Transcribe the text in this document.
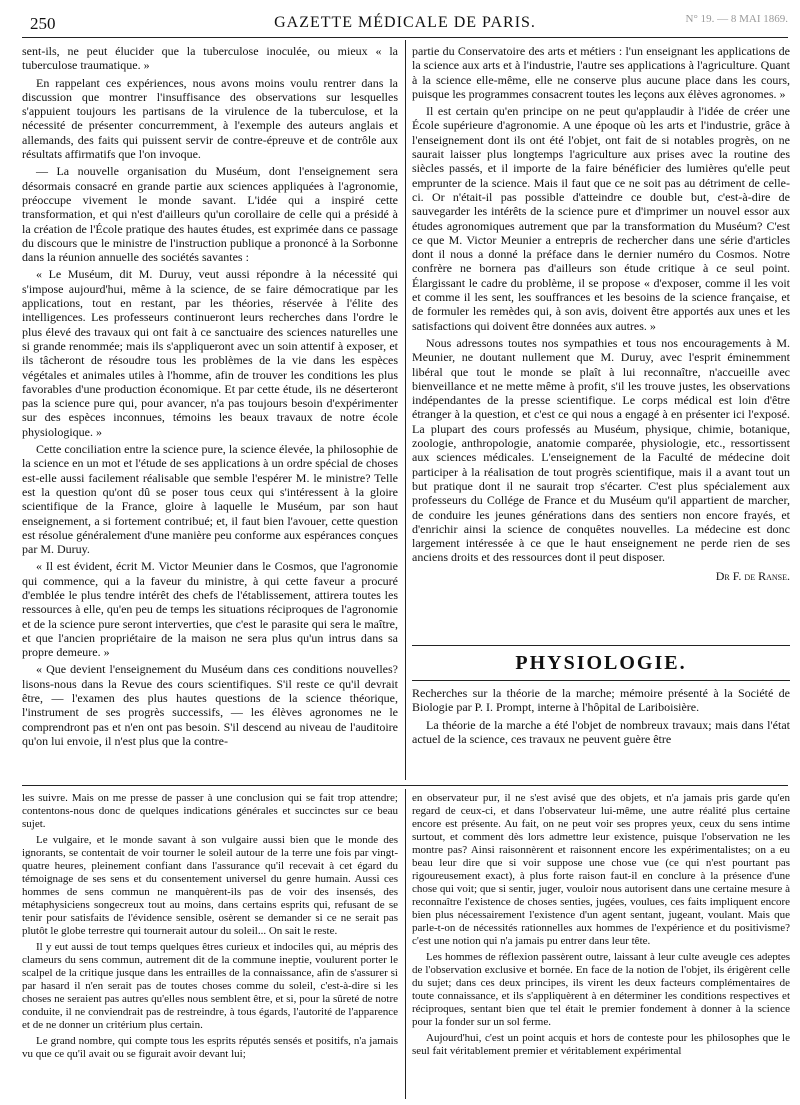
250	GAZETTE MÉDICALE DE PARIS.	N° 19. — 8 MAI 1869.

sent-ils, ne peut élucider que la tuberculose inoculée, ou mieux « la tuberculose traumatique. »

En rappelant ces expériences, nous avons moins voulu rentrer dans la discussion que montrer l'insuffisance des observations sur lesquelles s'appuient toujours les partisans de la virulence de la tuberculose, et la nécessité de présenter concurremment, à l'exemple des auteurs anglais et allemands, des faits qui puissent servir de contre-épreuve et de contrôle aux résultats affirmatifs que l'on invoque.

— La nouvelle organisation du Muséum, dont l'enseignement sera désormais consacré en grande partie aux sciences appliquées à l'agronomie, préoccupe vivement le monde savant. L'idée qui a inspiré cette transformation, et qui n'est d'ailleurs qu'un corollaire de celle qui a présidé à la création de l'École pratique des hautes études, est exprimée dans ce passage du discours que le ministre de l'instruction publique a prononcé à la Sorbonne dans la réunion annuelle des sociétés savantes :

« Le Muséum, dit M. Duruy, veut aussi répondre à la nécessité qui s'impose aujourd'hui, même à la science, de se faire démocratique par les applications, tout en restant, par les théories, réservée à l'élite des intelligences. Les professeurs continueront leurs recherches dans l'ordre le plus élevé des travaux qui ont fait à ce sanctuaire des sciences naturelles une si grande renommée; mais ils s'appliqueront avec un soin attentif à exposer, et ils tâcheront de résoudre tous les problèmes de la vie dans les espèces végétales et animales utiles à l'homme, afin de trouver les conditions les plus favorables d'une production économique. Et par cette étude, ils ne déserteront pas la science pure qui, pour avancer, n'a pas toujours besoin d'expérimenter sur des espèces inconnues, témoins les beaux travaux de notre école physiologique. »

Cette conciliation entre la science pure, la science élevée, la philosophie de la science en un mot et l'étude de ses applications à un ordre spécial de choses est-elle aussi facilement réalisable que semble l'espérer M. le ministre? Telle est la question qu'ont dû se poser tous ceux qui s'intéressent à la gloire scientifique de la France, gloire à laquelle le Muséum, par son haut enseignement, a si fortement contribué; et, il faut bien l'avouer, cette question est résolue généralement d'une manière peu conforme aux espérances conçues par M. Duruy.

« Il est évident, écrit M. Victor Meunier dans le Cosmos, que l'agronomie qui commence, qui a la faveur du ministre, à qui cette faveur a procuré d'emblée le plus tendre intérêt des chefs de l'établissement, attirera toutes les ressources à elle, qu'en peu de temps les situations réciproques de l'agronomie et de la science pure seront interverties, que c'est le parasite qui sera le maître, et que l'ancien propriétaire de la maison ne sera plus qu'un intrus dans sa propre demeure. »

« Que devient l'enseignement du Muséum dans ces conditions nouvelles? lisons-nous dans la Revue des cours scientifiques. S'il reste ce qu'il devrait être, — l'examen des plus hautes questions de la science théorique, l'instrument de ses progrès successifs, — les élèves agronomes ne le comprendront pas et n'en ont pas besoin. S'il descend au niveau de l'auditoire qu'on lui envoie, il n'est plus que la contre-

partie du Conservatoire des arts et métiers : l'un enseignant les applications de la science aux arts et à l'industrie, l'autre ses applications à l'agriculture. Quant à la science elle-même, elle ne conserve plus aucune place dans les cours, puisque les programmes consacrent toutes les leçons aux élèves agronomes. »

Il est certain qu'en principe on ne peut qu'applaudir à l'idée de créer une École supérieure d'agronomie. A une époque où les arts et l'industrie, grâce à l'enseignement dont ils ont été l'objet, ont fait de si notables progrès, on ne saurait laisser plus longtemps l'agriculture aux prises avec la routine des siècles passés, et il importe de la faire bénéficier des lumières qu'elle peut emprunter de la science. Mais il faut que ce ne soit pas au détriment de celle-ci. Or n'était-il pas possible d'atteindre ce double but, c'est-à-dire de sauvegarder les intérêts de la science pure et d'imprimer un nouvel essor aux études agronomiques autrement que par la transformation du Muséum? C'est ce que M. Victor Meunier a entrepris de rechercher dans une série d'articles dont il nous a donné la préface dans le dernier numéro du Cosmos. Notre confrère ne bornera pas d'ailleurs son étude critique à ce seul point. Élargissant le cadre du problème, il se propose « d'exposer, comme il les voit et comme il les sent, les souffrances et les besoins de la science française, et de formuler les remèdes qui, à son avis, doivent être apportés aux unes et les satisfactions qui doivent être données aux autres. »

Nous adressons toutes nos sympathies et tous nos encouragements à M. Meunier, ne doutant nullement que M. Duruy, avec l'esprit éminemment libéral que tout le monde se plaît à lui reconnaître, n'accueille avec bienveillance et ne mette même à profit, s'il les trouve justes, les observations indépendantes de la presse scientifique. Le corps médical est loin d'être étranger à la question, et c'est ce qui nous a engagé à en présenter ici l'exposé. La plupart des cours professés au Muséum, physique, chimie, botanique, zoologie, anthropologie, anatomie comparée, physiologie, etc., ressortissent aux sciences médicales. L'enseignement de la Faculté de médecine doit participer à la réalisation de tout progrès scientifique, mais il a avant tout un but pratique dont il ne saurait trop s'écarter. C'est plus spécialement aux professeurs du Collége de France et du Muséum qu'il appartient de marcher, de conduire les jeunes générations dans des sentiers non encore frayés, et d'enrichir ainsi la science de conquêtes nouvelles. La médecine est donc largement intéressée à ce que le haut enseignement ne perde rien de ses anciens droits et des ressources dont il peut disposer.

Dr F. de Ranse.
PHYSIOLOGIE.

Recherches sur la théorie de la marche; mémoire présenté à la Société de Biologie par P. I. Prompt, interne à l'hôpital de Lariboisière.

La théorie de la marche a été l'objet de nombreux travaux; mais dans l'état actuel de la science, ces travaux ne peuvent guère être

les suivre. Mais on me presse de passer à une conclusion qui se fait trop attendre; contentons-nous donc de quelques indications générales et succinctes sur ce beau sujet.

Le vulgaire, et le monde savant à son vulgaire aussi bien que le monde des ignorants, se contentait de voir tourner le soleil autour de la terre une fois par vingt-quatre heures, pleinement confiant dans l'assurance qu'il recevait à cet égard du témoignage de ses sens et du consentement universel du genre humain. Aussi ces hommes de sens commun ne manquèrent-ils pas de voir des insensés, des métaphysiciens songecreux tout au moins, dans certains esprits qui, refusant de se tenir pour satisfaits de l'évidence sensible, osèrent se demander si ce ne serait pas plutôt le globe terrestre qui tournerait autour du soleil... On sait le reste.

Il y eut aussi de tout temps quelques êtres curieux et indociles qui, au mépris des clameurs du sens commun, autrement dit de la commune ineptie, voulurent porter le scalpel de la critique jusque dans les entrailles de la connaissance, afin de s'assurer si par hasard il n'en serait pas de toutes choses comme du soleil, c'est-à-dire si les choses ne seraient pas autres qu'elles nous semblent être, et si, pour la sûreté de notre conduite, il ne conviendrait pas de restreindre, à tous égards, l'autorité de l'apparence et de ne donner un critérium plus certain.

Le grand nombre, qui compte tous les esprits réputés sensés et positifs, n'a jamais vu que ce qu'il avait ou se figurait avoir devant lui;

en observateur pur, il ne s'est avisé que des objets, et n'a jamais pris garde qu'en regard de ceux-ci, et dans l'observateur lui-même, une autre réalité plus certaine encore est présente. Au fait, on ne peut voir ses propres yeux, ceux du sens intime surtout, et comment dès lors admettre leur existence, puisque l'observation ne les montre pas? Ainsi raisonnèrent et raisonnent encore les expérimentalistes; on a eu beau leur dire que si voir suppose une chose vue (ce qui n'est pourtant pas rigoureusement exact), à plus forte raison faut-il en conclure à la présence d'une chose qui voit; que si sentir, juger, vouloir nous autorisent dans une certaine mesure à reconnaître l'existence de choses senties, jugées, voulues, ces faits impliquent encore bien plus nécessairement l'existence d'un agent sentant, jugeant, voulant. Mais que parle-t-on de nécessités rationnelles aux hommes de l'expérience et du positivisme? c'est une notion qui n'a jamais pu entrer dans leur tête.

Les hommes de réflexion passèrent outre, laissant à leur culte aveugle ces adeptes de l'observation exclusive et bornée. En face de la notion de l'objet, ils érigèrent celle du sujet; dans ces deux principes, ils virent les deux facteurs complémentaires de toute connaissance, et ils s'appliquèrent à en déterminer les conditions respectives et réciproques, sentant bien que tel était le premier fondement à donner à la science pour la fonder sur un sol ferme.

Aujourd'hui, c'est un point acquis et hors de conteste pour les philosophes que le seul fait véritablement premier et véritablement expérimental
